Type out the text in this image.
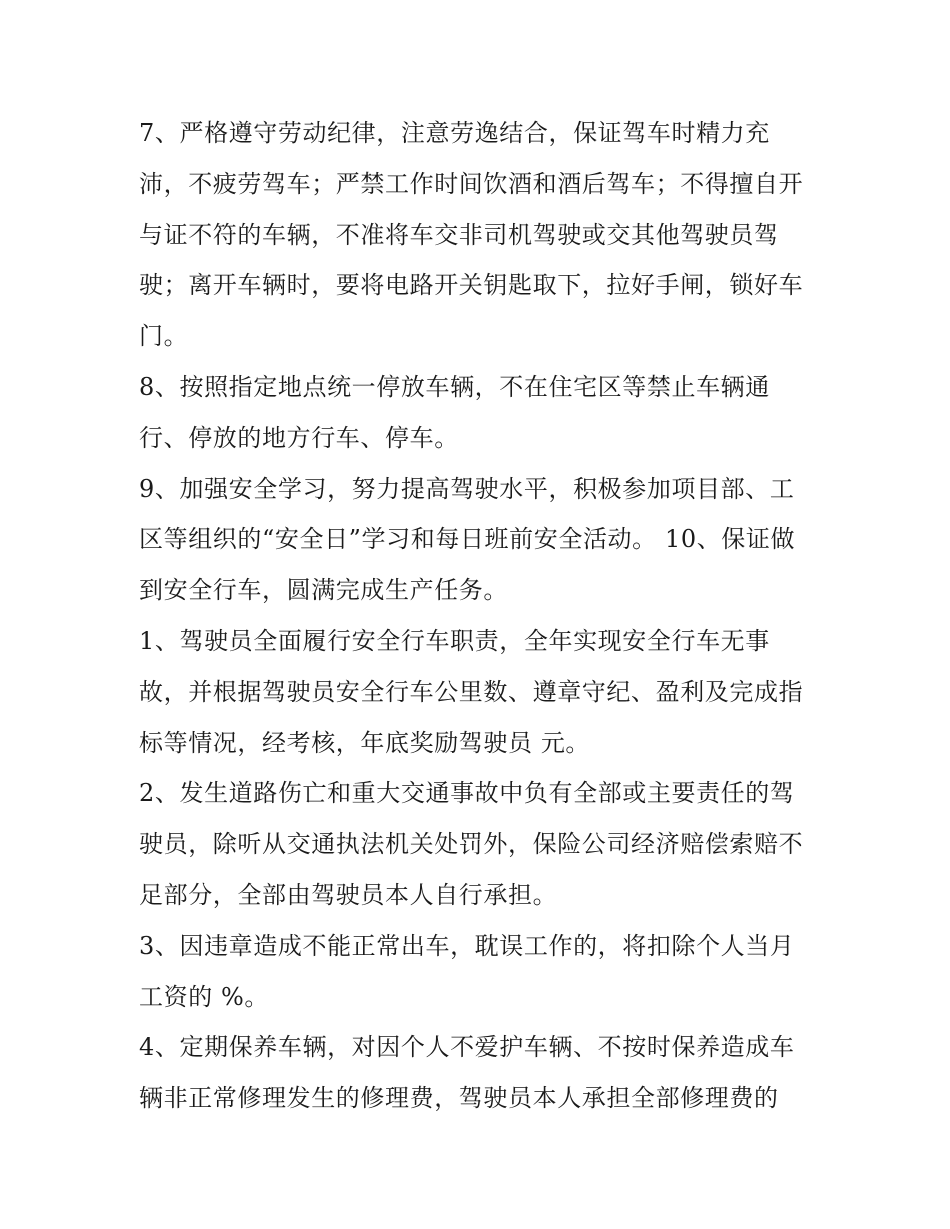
7、严格遵守劳动纪律，注意劳逸结合，保证驾车时精力充
沛，不疲劳驾车；严禁工作时间饮酒和酒后驾车；不得擅自开
与证不符的车辆，不准将车交非司机驾驶或交其他驾驶员驾
驶；离开车辆时，要将电路开关钥匙取下，拉好手闸，锁好车
门。
8、按照指定地点统一停放车辆，不在住宅区等禁止车辆通
行、停放的地方行车、停车。
9、加强安全学习，努力提高驾驶水平，积极参加项目部、工
区等组织的“安全日”学习和每日班前安全活动。 10、保证做
到安全行车，圆满完成生产任务。
1、驾驶员全面履行安全行车职责，全年实现安全行车无事
故，并根据驾驶员安全行车公里数、遵章守纪、盈利及完成指
标等情况，经考核，年底奖励驾驶员 元。
2、发生道路伤亡和重大交通事故中负有全部或主要责任的驾
驶员，除听从交通执法机关处罚外，保险公司经济赔偿索赔不
足部分，全部由驾驶员本人自行承担。
3、因违章造成不能正常出车，耽误工作的，将扣除个人当月
工资的 %。
4、定期保养车辆，对因个人不爱护车辆、不按时保养造成车
辆非正常修理发生的修理费，驾驶员本人承担全部修理费的
